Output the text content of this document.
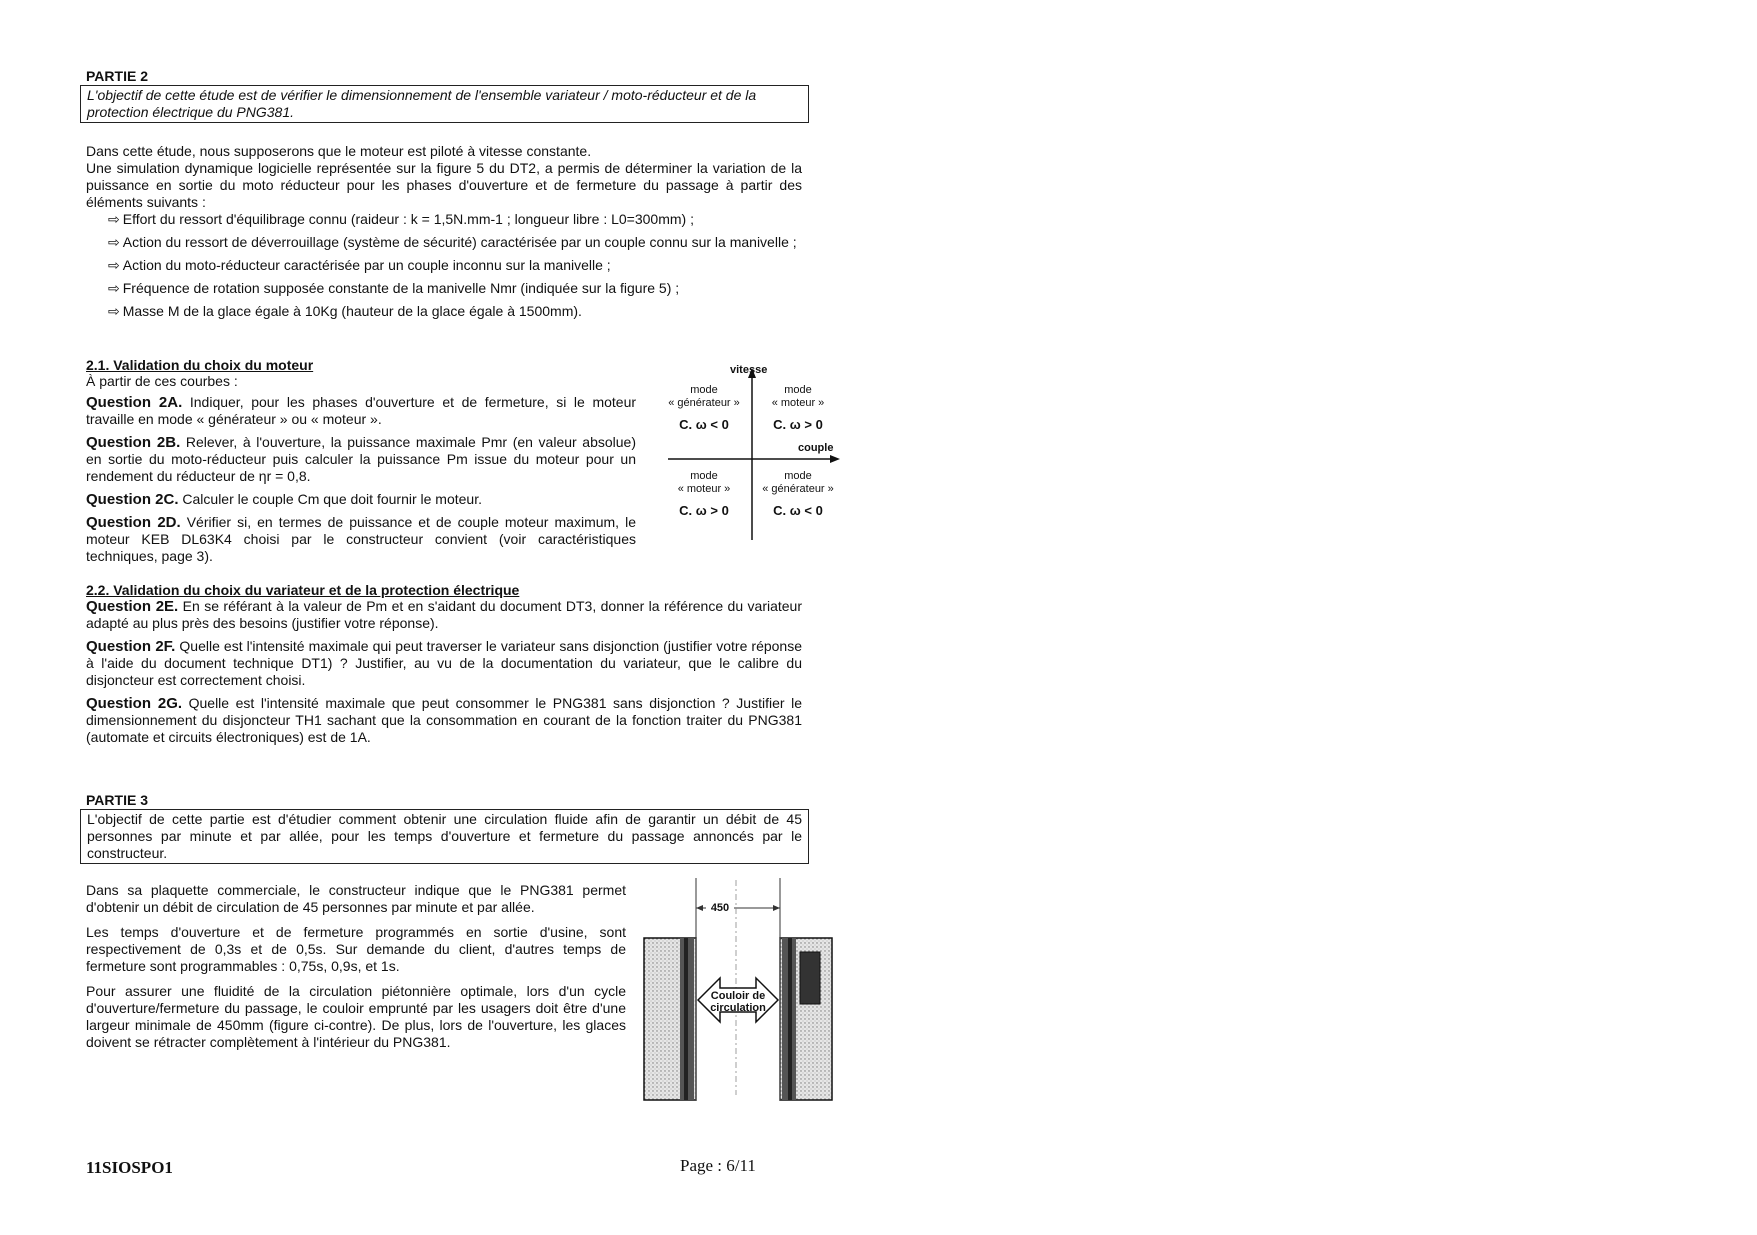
PARTIE 2
L'objectif de cette étude est de vérifier le dimensionnement de l'ensemble variateur / moto-réducteur et de la protection électrique du PNG381.

Dans cette étude, nous supposerons que le moteur est piloté à vitesse constante.

Une simulation dynamique logicielle représentée sur la figure 5 du DT2, a permis de déterminer la variation de la puissance en sortie du moto réducteur pour les phases d'ouverture et de fermeture du passage à partir des éléments suivants :

⇨ Effort du ressort d'équilibrage connu (raideur : k = 1,5N.mm-1 ; longueur libre : L0=300mm) ;

⇨ Action du ressort de déverrouillage (système de sécurité) caractérisée par un couple connu sur la manivelle ;

⇨ Action du moto-réducteur caractérisée par un couple inconnu sur la manivelle ;

⇨ Fréquence de rotation supposée constante de la manivelle Nmr (indiquée sur la figure 5) ;

⇨ Masse M de la glace égale à 10Kg (hauteur de la glace égale à 1500mm).

2.1. Validation du choix du moteur

À partir de ces courbes :

Question 2A. Indiquer, pour les phases d'ouverture et de fermeture, si le moteur travaille en mode « générateur » ou « moteur ».

Question 2B. Relever, à l'ouverture, la puissance maximale Pmr (en valeur absolue) en sortie du moto-réducteur puis calculer la puissance Pm issue du moteur pour un rendement du réducteur de ηr = 0,8.

Question 2C. Calculer le couple Cm que doit fournir le moteur.

Question 2D. Vérifier si, en termes de puissance et de couple moteur maximum, le moteur KEB DL63K4 choisi par le constructeur convient (voir caractéristiques techniques, page 3).

vitesse
couple
mode
« générateur »
C. ω < 0
mode
« moteur »
C. ω > 0
mode
« moteur »
C. ω > 0
mode
« générateur »
C. ω < 0

2.2. Validation du choix du variateur et de la protection électrique

Question 2E. En se référant à la valeur de Pm et en s'aidant du document DT3, donner la référence du variateur adapté au plus près des besoins (justifier votre réponse).

Question 2F. Quelle est l'intensité maximale qui peut traverser le variateur sans disjonction (justifier votre réponse à l'aide du document technique DT1) ? Justifier, au vu de la documentation du variateur, que le calibre du disjoncteur est correctement choisi.

Question 2G. Quelle est l'intensité maximale que peut consommer le PNG381 sans disjonction ? Justifier le dimensionnement du disjoncteur TH1 sachant que la consommation en courant de la fonction traiter du PNG381 (automate et circuits électroniques) est de 1A.

PARTIE 3
L'objectif de cette partie est d'étudier comment obtenir une circulation fluide afin de garantir un débit de 45 personnes par minute et par allée, pour les temps d'ouverture et fermeture du passage annoncés par le constructeur.

Dans sa plaquette commerciale, le constructeur indique que le PNG381 permet d'obtenir un débit de circulation de 45 personnes par minute et par allée.

Les temps d'ouverture et de fermeture programmés en sortie d'usine, sont respectivement de 0,3s et de 0,5s. Sur demande du client, d'autres temps de fermeture sont programmables : 0,75s, 0,9s, et 1s.

Pour assurer une fluidité de la circulation piétonnière optimale, lors d'un cycle d'ouverture/fermeture du passage, le couloir emprunté par les usagers doit être d'une largeur minimale de 450mm (figure ci-contre). De plus, lors de l'ouverture, les glaces doivent se rétracter complètement à l'intérieur du PNG381.

450
Couloir de
circulation
11SIOSPO1	Page : 6/11
